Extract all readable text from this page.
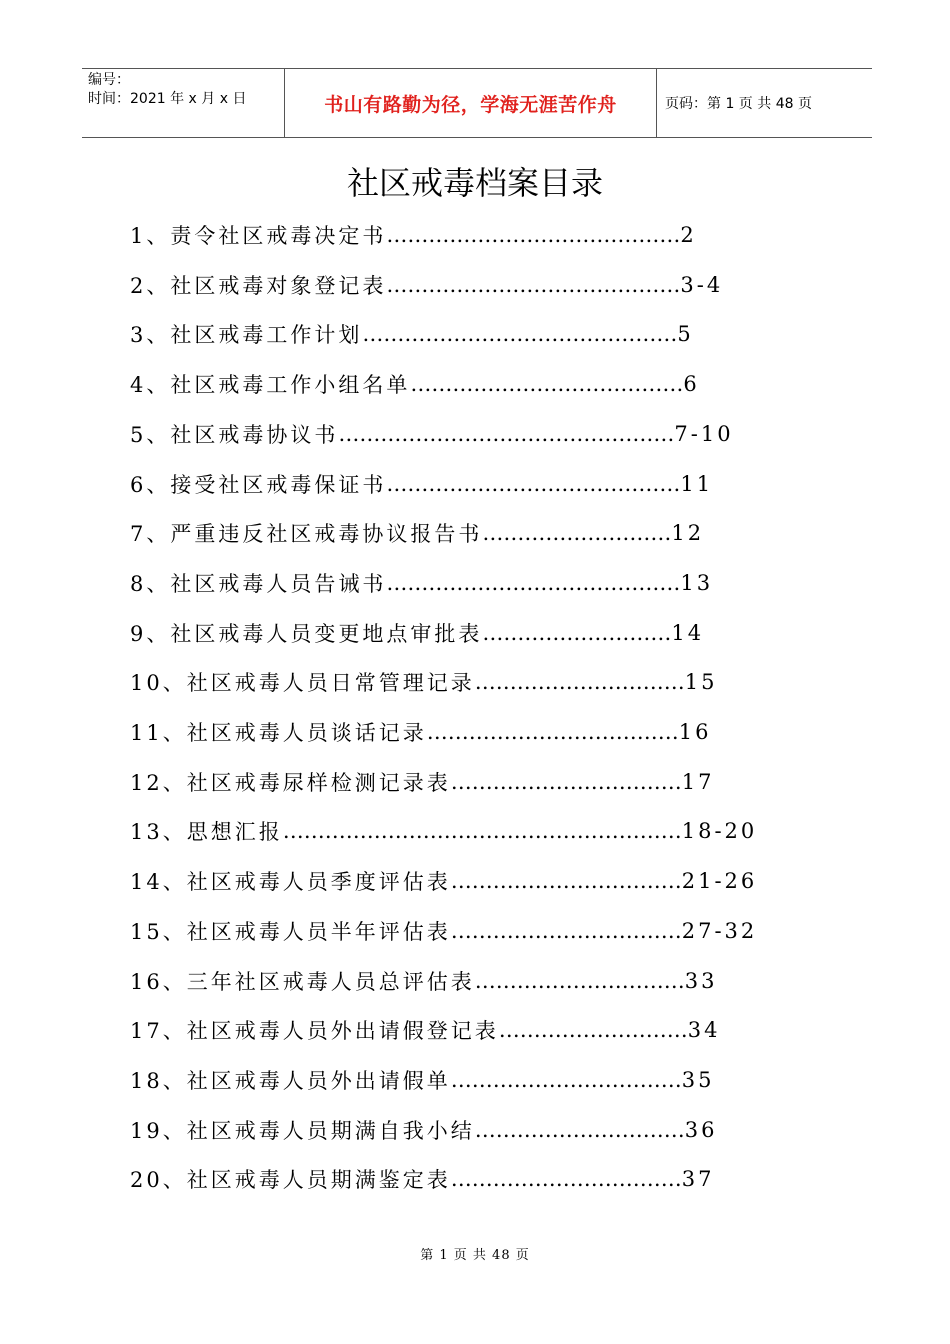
编号：
时间：2021 年 x 月 x 日	书山有路勤为径，学海无涯苦作舟	页码：第 1 页 共 48 页
社区戒毒档案目录
1、 责令社区戒毒决定书 …………………………………… 2
2、 社区戒毒对象登记表 …………………………………… 3-4
3、 社区戒毒工作计划 ……………………………………… 5
4、 社区戒毒工作小组名单 ………………………………… 6
5、 社区戒毒协议书 ………………………………………… 7-10
6、 接受社区戒毒保证书 …………………………………… 11
7、 严重违反社区戒毒协议报告书 ……………………… 12
8、 社区戒毒人员告诫书 …………………………………… 13
9、 社区戒毒人员变更地点审批表 ……………………… 14
10、 社区戒毒人员日常管理记录 ………………………… 15
11、 社区戒毒人员谈话记录 ……………………………… 16
12、 社区戒毒尿样检测记录表 …………………………… 17
13、 思想汇报 ………………………………………………… 18-20
14、 社区戒毒人员季度评估表 …………………………… 21-26
15、 社区戒毒人员半年评估表 …………………………… 27-32
16、 三年社区戒毒人员总评估表 ………………………… 33
17、 社区戒毒人员外出请假登记表 ……………………… 34
18、 社区戒毒人员外出请假单 …………………………… 35
19、 社区戒毒人员期满自我小结 ………………………… 36
20、 社区戒毒人员期满鉴定表 …………………………… 37
第 1 页 共 48 页
